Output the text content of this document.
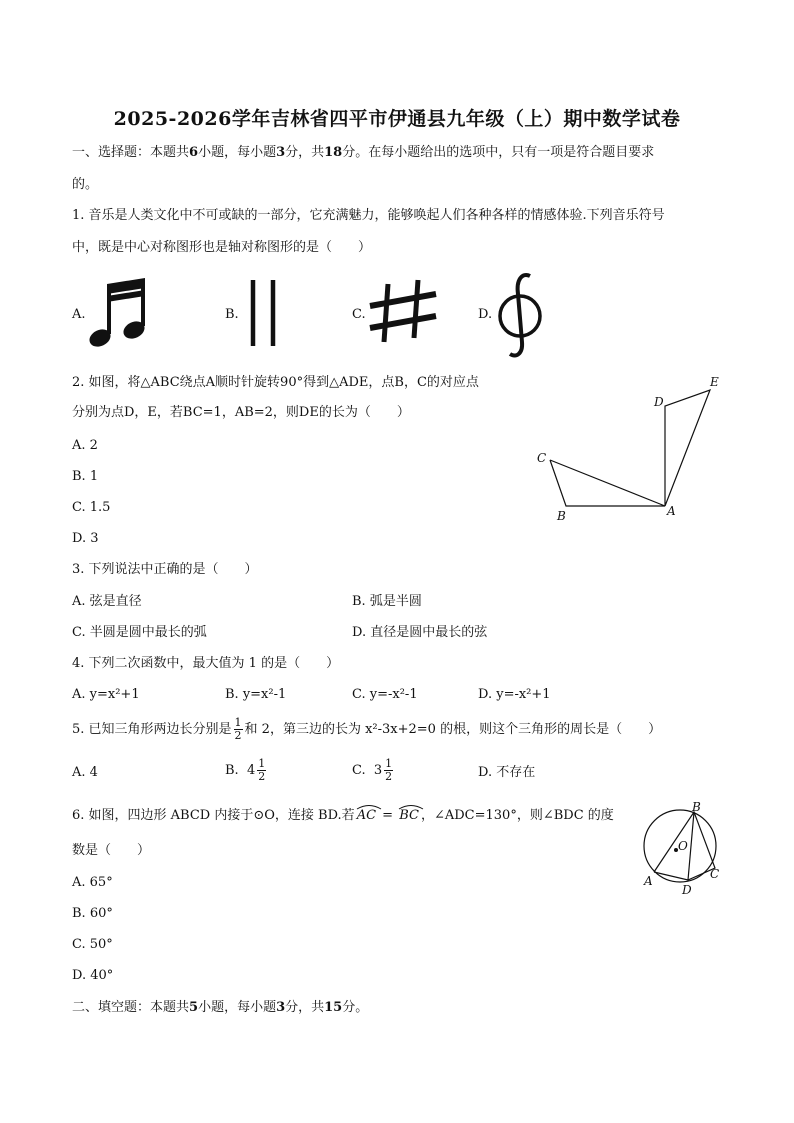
2025-2026学年吉林省四平市伊通县九年级（上）期中数学试卷
一、选择题：本题共6小题，每小题3分，共18分。在每小题给出的选项中，只有一项是符合题目要求
的。
1. 音乐是人类文化中不可或缺的一部分，它充满魅力，能够唤起人们各种各样的情感体验.下列音乐符号
中，既是中心对称图形也是轴对称图形的是（　　）
A.	B.	C.	D.
2. 如图，将△ABC绕点A顺时针旋转90°得到△ADE，点B，C的对应点
分别为点D，E，若BC=1，AB=2，则DE的长为（　　）
A. 2
B. 1
C. 1.5
D. 3
E
D
C
B	A
3. 下列说法中正确的是（　　）
A. 弦是直径	B. 弧是半圆
C. 半圆是圆中最长的弧	D. 直径是圆中最长的弦
4. 下列二次函数中，最大值为 1 的是（　　）
A. y=x²+1	B. y=x²-1	C. y=-x²-1	D. y=-x²+1
5. 已知三角形两边长分别是 $\frac{1}{2}$ 和 2，第三边的长为 x²-3x+2=0 的根，则这个三角形的周长是（　　）
A. 4	B. $4 \frac{1}{2}$	C. $3 \frac{1}{2}$	D. 不存在
6. 如图，四边形 ABCD 内接于⊙O，连接 BD.若 AC = BC ，∠ADC=130°，则∠BDC 的度
数是（　　）
A. 65°
B. 60°
C. 50°
D. 40°
B
O
A
D
C
二、填空题：本题共5小题，每小题3分，共15分。
